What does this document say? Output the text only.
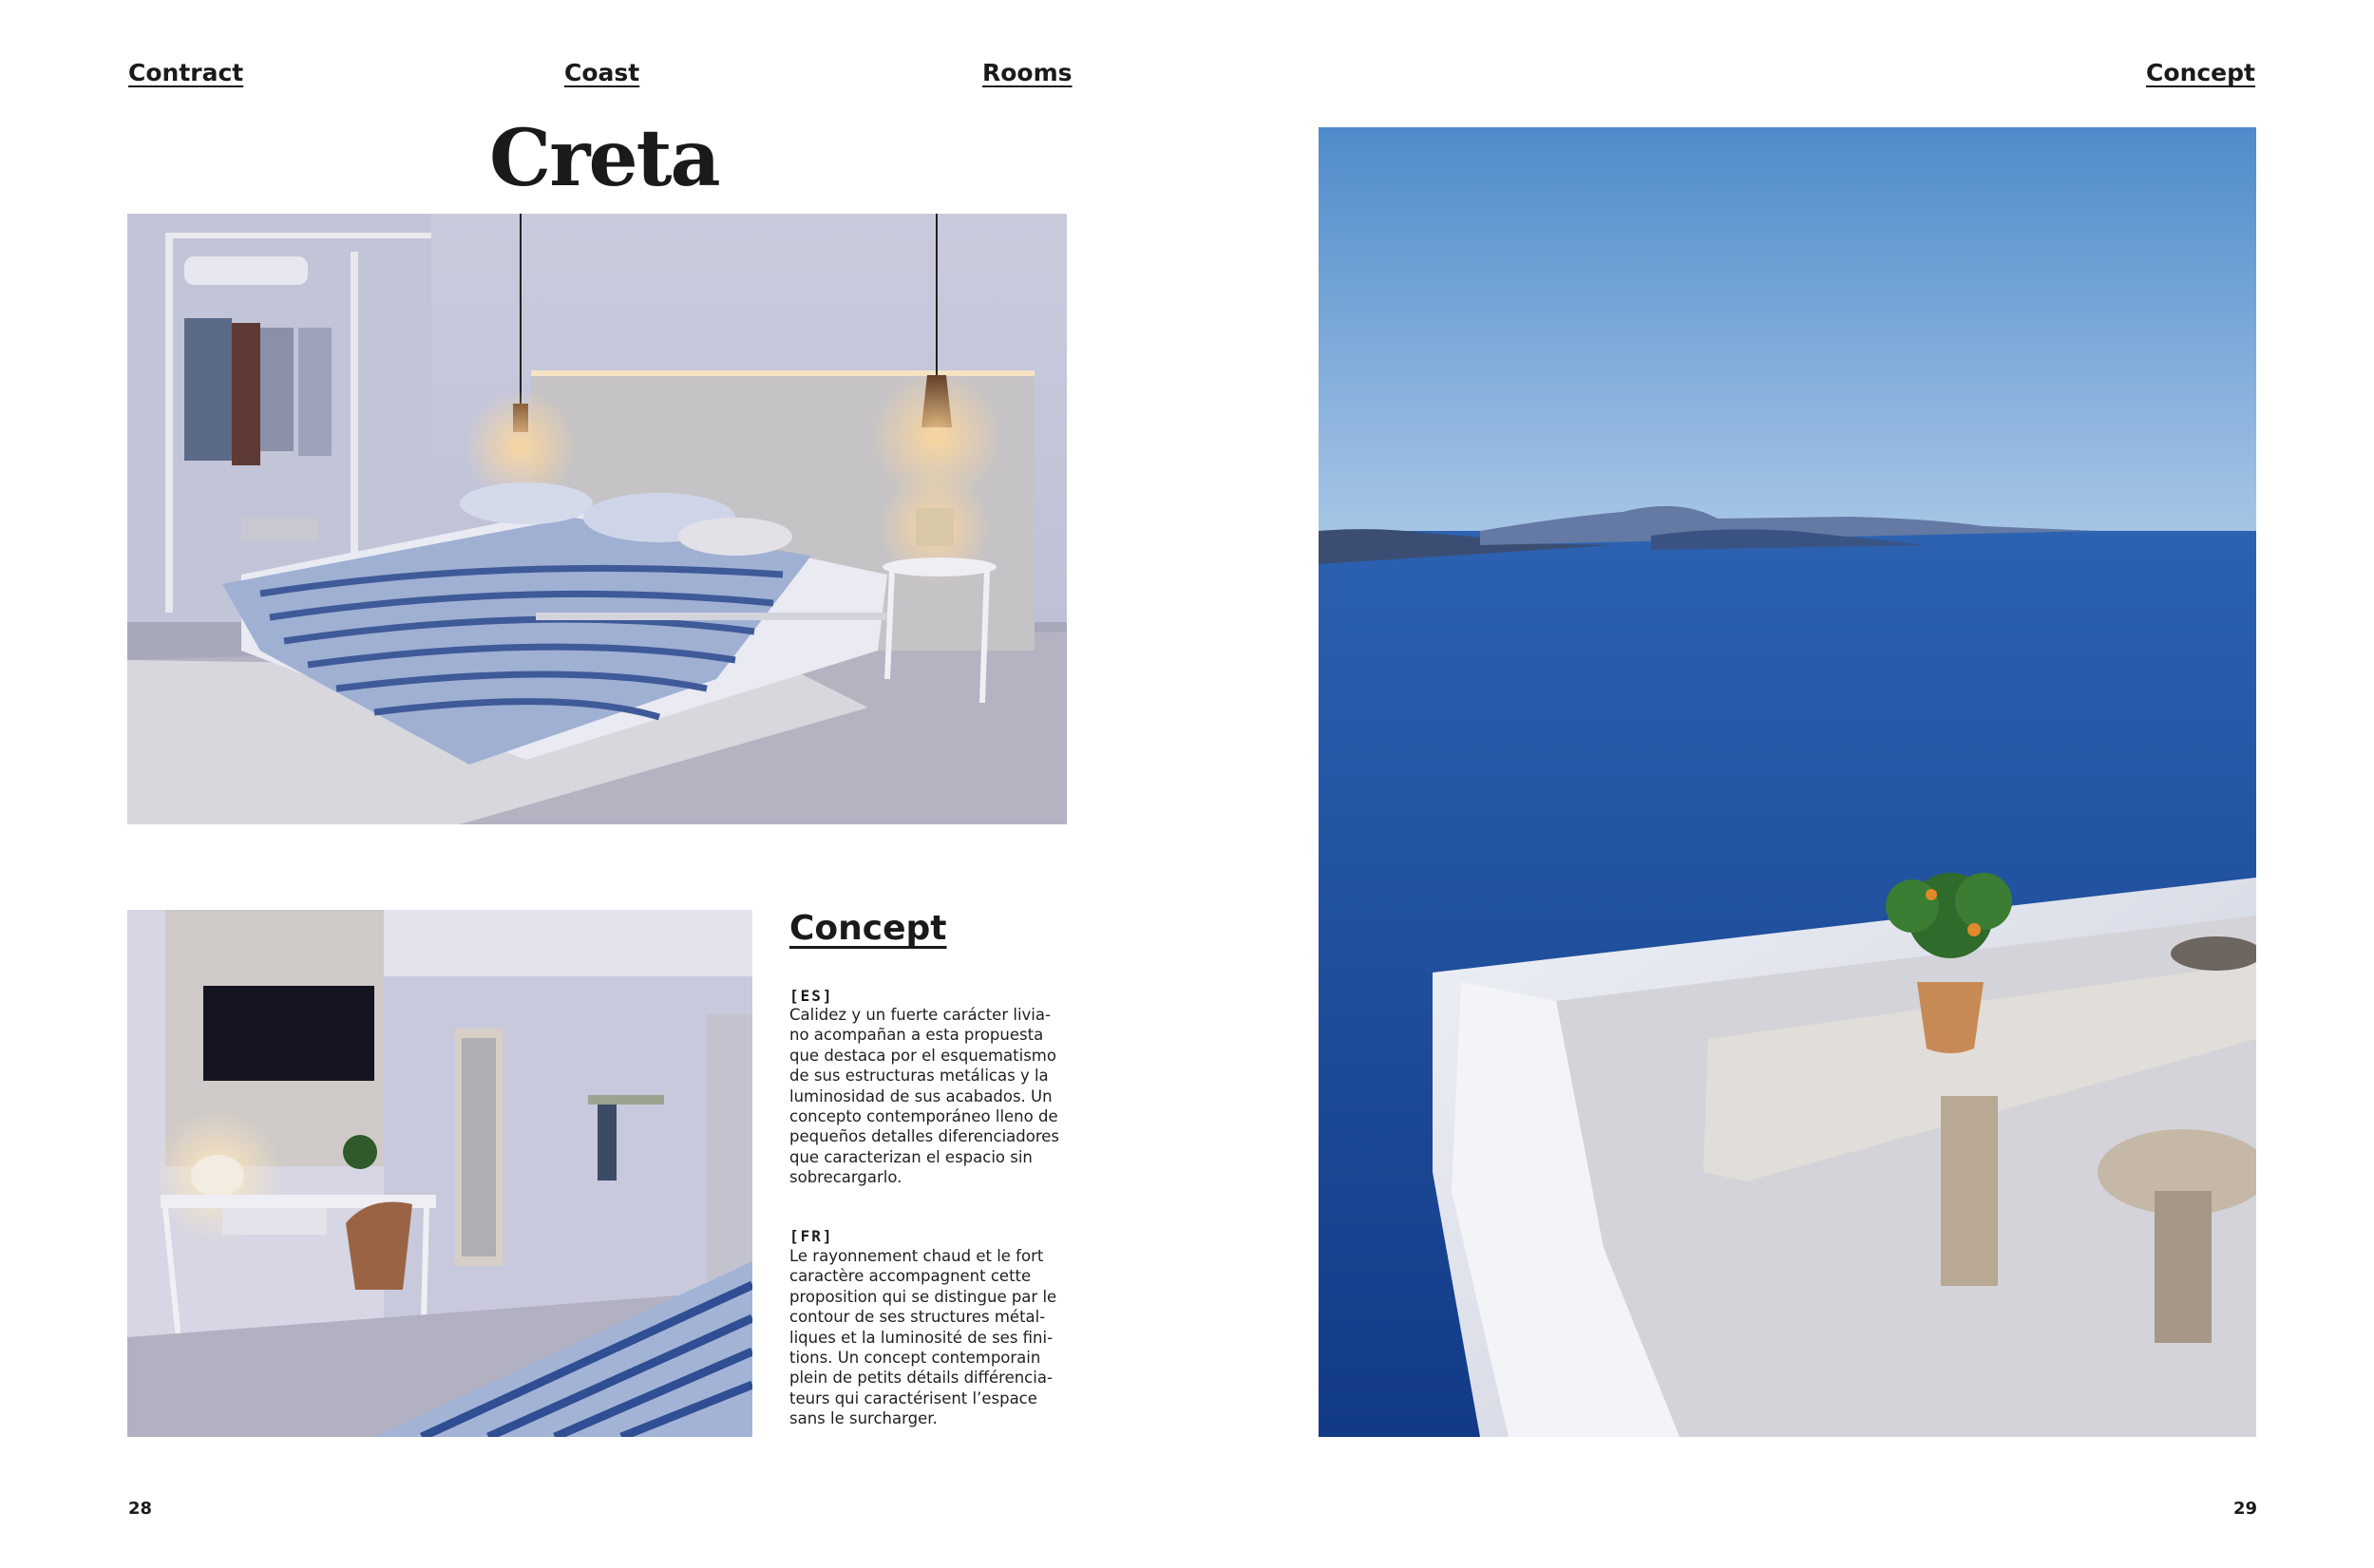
Contract	Coast	Rooms	Concept
Creta
Concept
[ES]
Calidez y un fuerte carácter livia-
no acompañan a esta propuesta
que destaca por el esquematismo
de sus estructuras metálicas y la
luminosidad de sus acabados. Un
concepto contemporáneo lleno de
pequeños detalles diferenciadores
que caracterizan el espacio sin
sobrecargarlo.
[FR]
Le rayonnement chaud et le fort
caractère accompagnent cette
proposition qui se distingue par le
contour de ses structures métal-
liques et la luminosité de ses fini-
tions. Un concept contemporain
plein de petits détails différencia-
teurs qui caractérisent l’espace
sans le surcharger.
28	29
